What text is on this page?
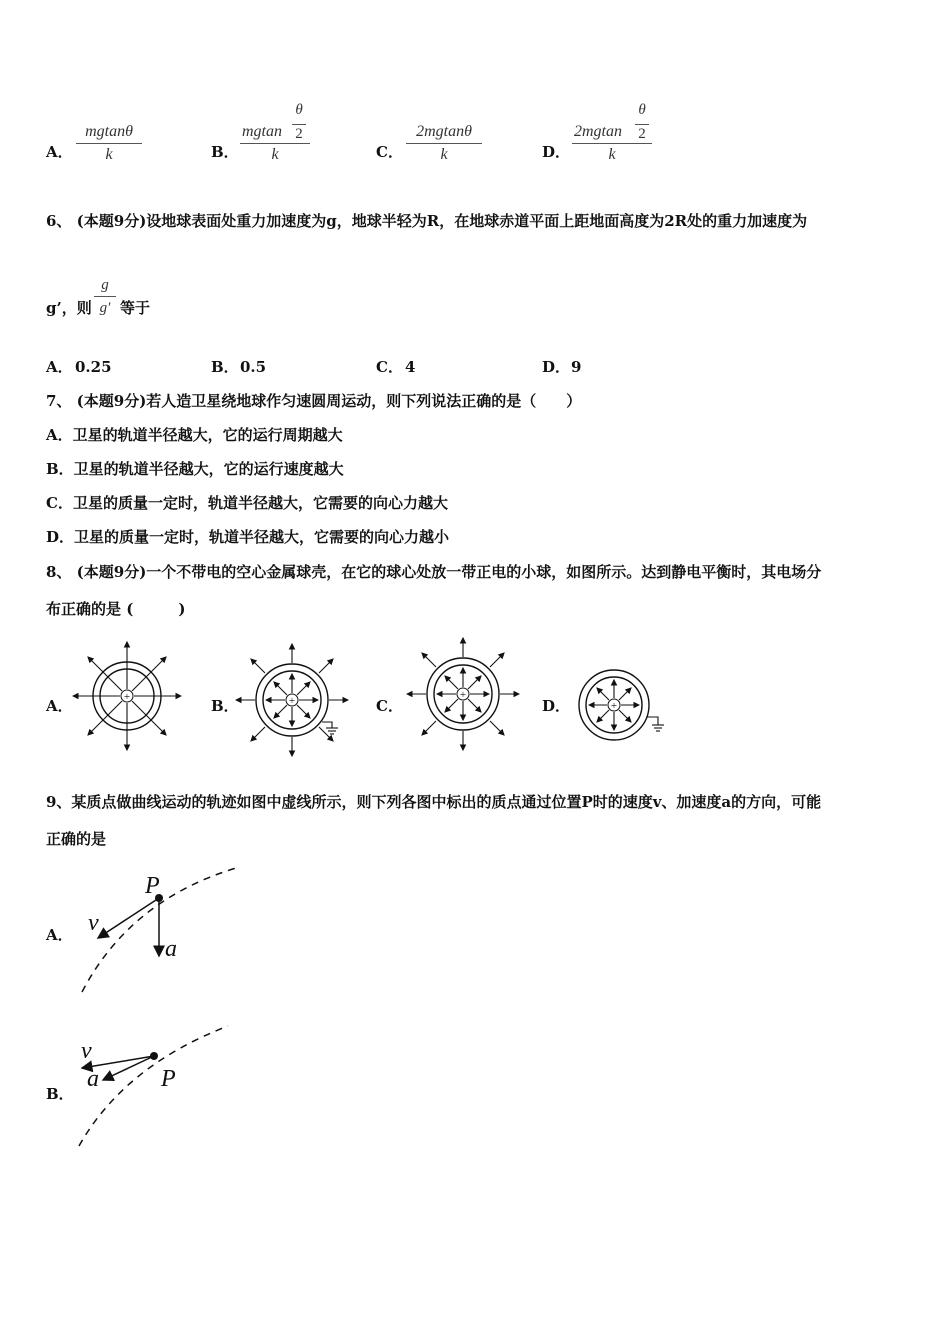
A．
mgtanθ
k	B．
mgtan
k
θ
2
C．
2mgtanθ
k	D．
2mgtan
k
θ
2
6、 (本题9分)设地球表面处重力加速度为g，地球半轻为R，在地球赤道平面上距地面高度为2R处的重力加速度为
g’，则
g
g′ 等于
A． 0.25	B． 0.5	C． 4	D． 9
7、 (本题9分)若人造卫星绕地球作匀速圆周运动，则下列说法正确的是（　　）
A．卫星的轨道半径越大，它的运行周期越大
B．卫星的轨道半径越大，它的运行速度越大
C．卫星的质量一定时，轨道半径越大，它需要的向心力越大
D．卫星的质量一定时，轨道半径越大，它需要的向心力越小
8、 (本题9分)一个不带电的空心金属球壳，在它的球心处放一带正电的小球，如图所示。达到静电平衡时，其电场分
布正确的是 (　　　)
A．	B．	C．	D．
+	+	+
+
9、某质点做曲线运动的轨迹如图中虚线所示，则下列各图中标出的质点通过位置P时的速度v、加速度a的方向，可能
正确的是
A．
B．
P
v
a
v
a	P
